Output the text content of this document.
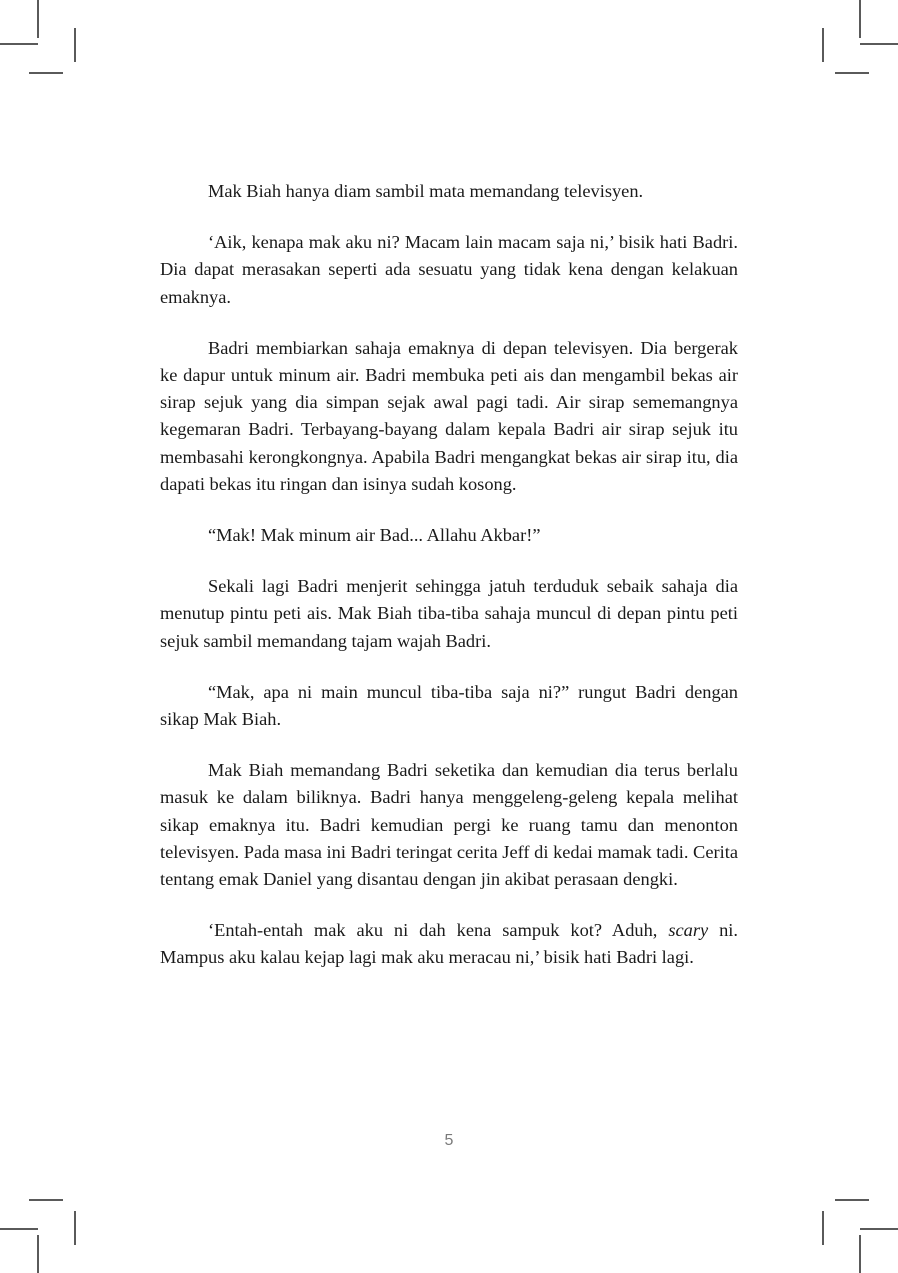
Mak Biah hanya diam sambil mata memandang televisyen.

‘Aik, kenapa mak aku ni? Macam lain macam saja ni,’ bisik hati Badri. Dia dapat merasakan seperti ada sesuatu yang tidak kena dengan kelakuan emaknya.

Badri membiarkan sahaja emaknya di depan televisyen. Dia bergerak ke dapur untuk minum air. Badri membuka peti ais dan mengambil bekas air sirap sejuk yang dia simpan sejak awal pagi tadi. Air sirap sememangnya kegemaran Badri. Terbayang-bayang dalam kepala Badri air sirap sejuk itu membasahi kerongkongnya. Apabila Badri mengangkat bekas air sirap itu, dia dapati bekas itu ringan dan isinya sudah kosong.

“Mak! Mak minum air Bad... Allahu Akbar!”

Sekali lagi Badri menjerit sehingga jatuh terduduk sebaik sahaja dia menutup pintu peti ais. Mak Biah tiba-tiba sahaja muncul di depan pintu peti sejuk sambil memandang tajam wajah Badri.

“Mak, apa ni main muncul tiba-tiba saja ni?” rungut Badri dengan sikap Mak Biah.

Mak Biah memandang Badri seketika dan kemudian dia terus berlalu masuk ke dalam biliknya. Badri hanya menggeleng-geleng kepala melihat sikap emaknya itu. Badri kemudian pergi ke ruang tamu dan menonton televisyen. Pada masa ini Badri teringat cerita Jeff di kedai mamak tadi. Cerita tentang emak Daniel yang disantau dengan jin akibat perasaan dengki.

‘Entah-entah mak aku ni dah kena sampuk kot? Aduh, scary ni. Mampus aku kalau kejap lagi mak aku meracau ni,’ bisik hati Badri lagi.

5
